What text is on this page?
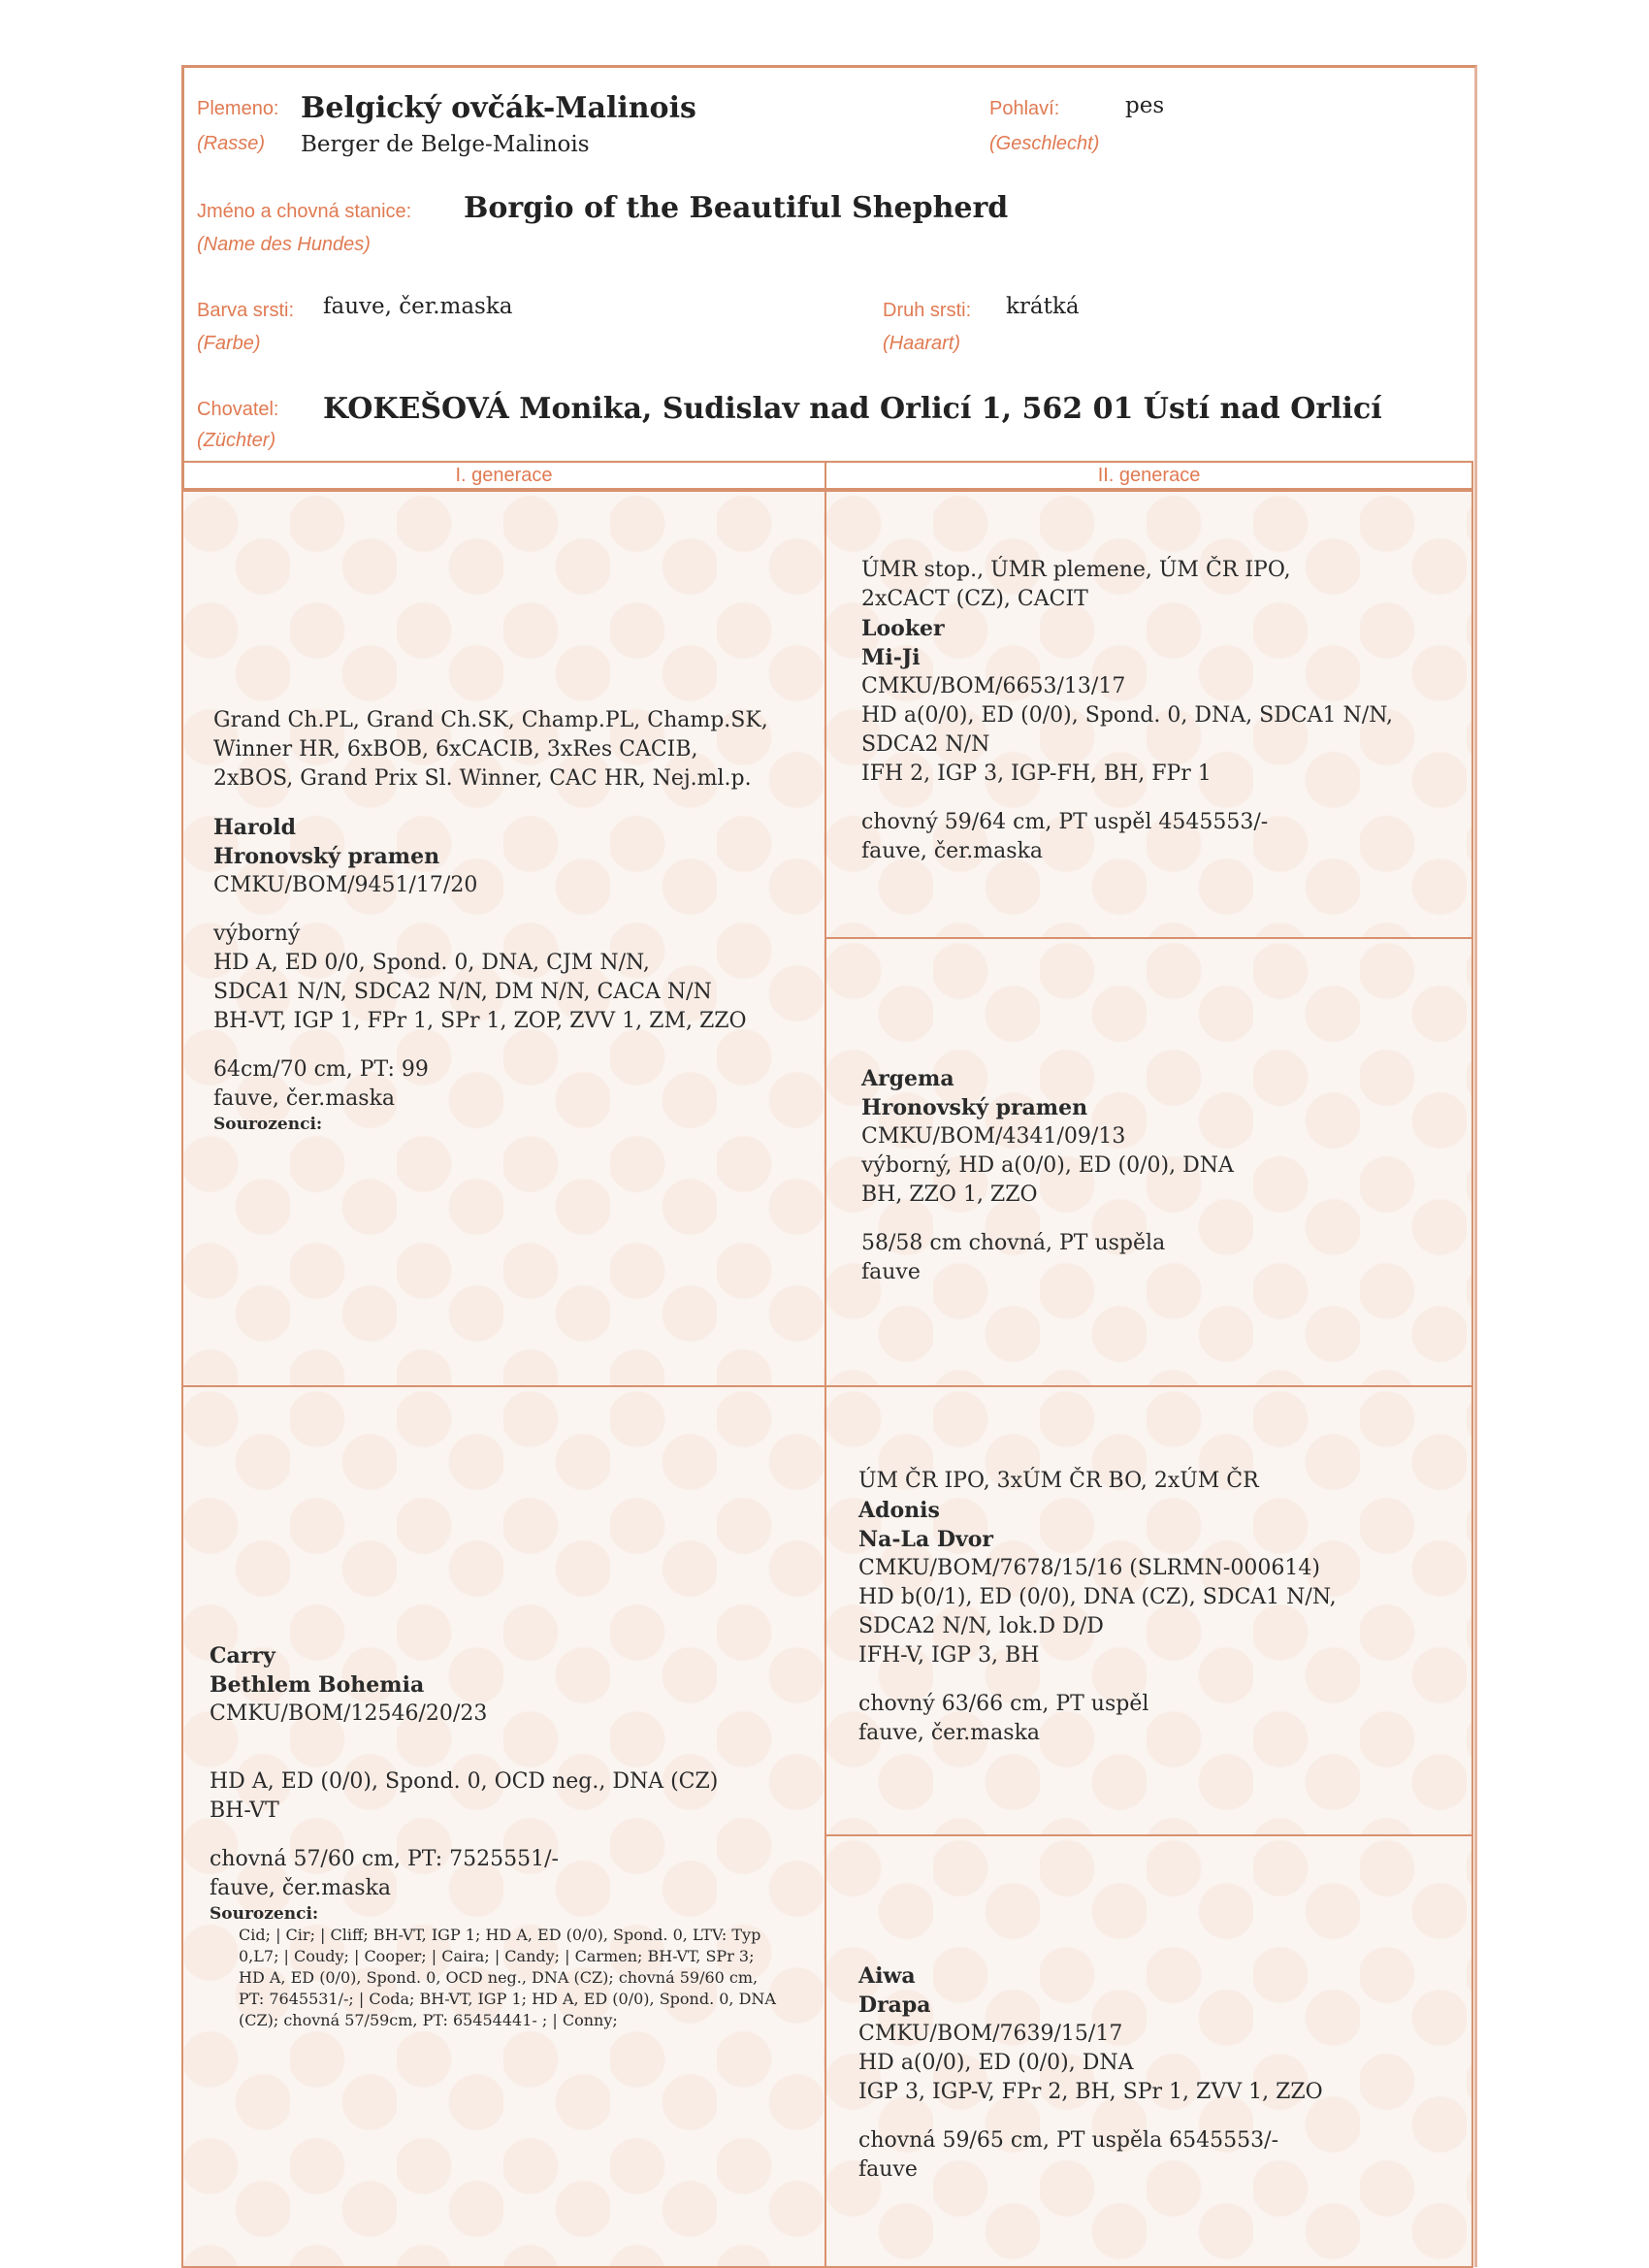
Plemeno:
(Rasse)
Belgický ovčák-Malinois
Berger de Belge-Malinois
Pohlaví:
(Geschlecht)
pes
Jméno a chovná stanice:
(Name des Hundes)
Borgio of the Beautiful Shepherd
Barva srsti:
(Farbe)
fauve, čer.maska	Druh srsti:
(Haarart)
krátká
Chovatel:
(Züchter)
KOKEŠOVÁ Monika, Sudislav nad Orlicí 1, 562 01 Ústí nad Orlicí
I. generace	II. generace
Grand Ch.PL, Grand Ch.SK, Champ.PL, Champ.SK,
Winner HR, 6xBOB, 6xCACIB, 3xRes CACIB,
2xBOS, Grand Prix Sl. Winner, CAC HR, Nej.ml.p.
Harold
Hronovský pramen
CMKU/BOM/9451/17/20
výborný
HD A, ED 0/0, Spond. 0, DNA, CJM N/N,
SDCA1 N/N, SDCA2 N/N, DM N/N, CACA N/N
BH-VT, IGP 1, FPr 1, SPr 1, ZOP, ZVV 1, ZM, ZZO
64cm/70 cm, PT: 99
fauve, čer.maska
Sourozenci:
ÚMR stop., ÚMR plemene, ÚM ČR IPO,
2xCACT (CZ), CACIT
Looker
Mi-Ji
CMKU/BOM/6653/13/17
HD a(0/0), ED (0/0), Spond. 0, DNA, SDCA1 N/N,
SDCA2 N/N
IFH 2, IGP 3, IGP-FH, BH, FPr 1
chovný 59/64 cm, PT uspěl 4545553/-
fauve, čer.maska
Argema
Hronovský pramen
CMKU/BOM/4341/09/13
výborný, HD a(0/0), ED (0/0), DNA
BH, ZZO 1, ZZO
58/58 cm chovná, PT uspěla
fauve
Carry
Bethlem Bohemia
CMKU/BOM/12546/20/23
HD A, ED (0/0), Spond. 0, OCD neg., DNA (CZ)
BH-VT
chovná 57/60 cm, PT: 7525551/-
fauve, čer.maska
Sourozenci:
Cid; | Cir; | Cliff; BH-VT, IGP 1; HD A, ED (0/0), Spond. 0, LTV: Typ 0,L7; | Coudy; | Cooper; | Caira; | Candy; | Carmen; BH-VT, SPr 3; HD A, ED (0/0), Spond. 0, OCD neg., DNA (CZ); chovná 59/60 cm, PT: 7645531/-; | Coda; BH-VT, IGP 1; HD A, ED (0/0), Spond. 0, DNA (CZ); chovná 57/59cm, PT: 65454441- ; | Conny;
ÚM ČR IPO, 3xÚM ČR BO, 2xÚM ČR
Adonis
Na-La Dvor
CMKU/BOM/7678/15/16 (SLRMN-000614)
HD b(0/1), ED (0/0), DNA (CZ), SDCA1 N/N,
SDCA2 N/N, lok.D D/D
IFH-V, IGP 3, BH
chovný 63/66 cm, PT uspěl
fauve, čer.maska
Aiwa
Drapa
CMKU/BOM/7639/15/17
HD a(0/0), ED (0/0), DNA
IGP 3, IGP-V, FPr 2, BH, SPr 1, ZVV 1, ZZO
chovná 59/65 cm, PT uspěla 6545553/-
fauve
